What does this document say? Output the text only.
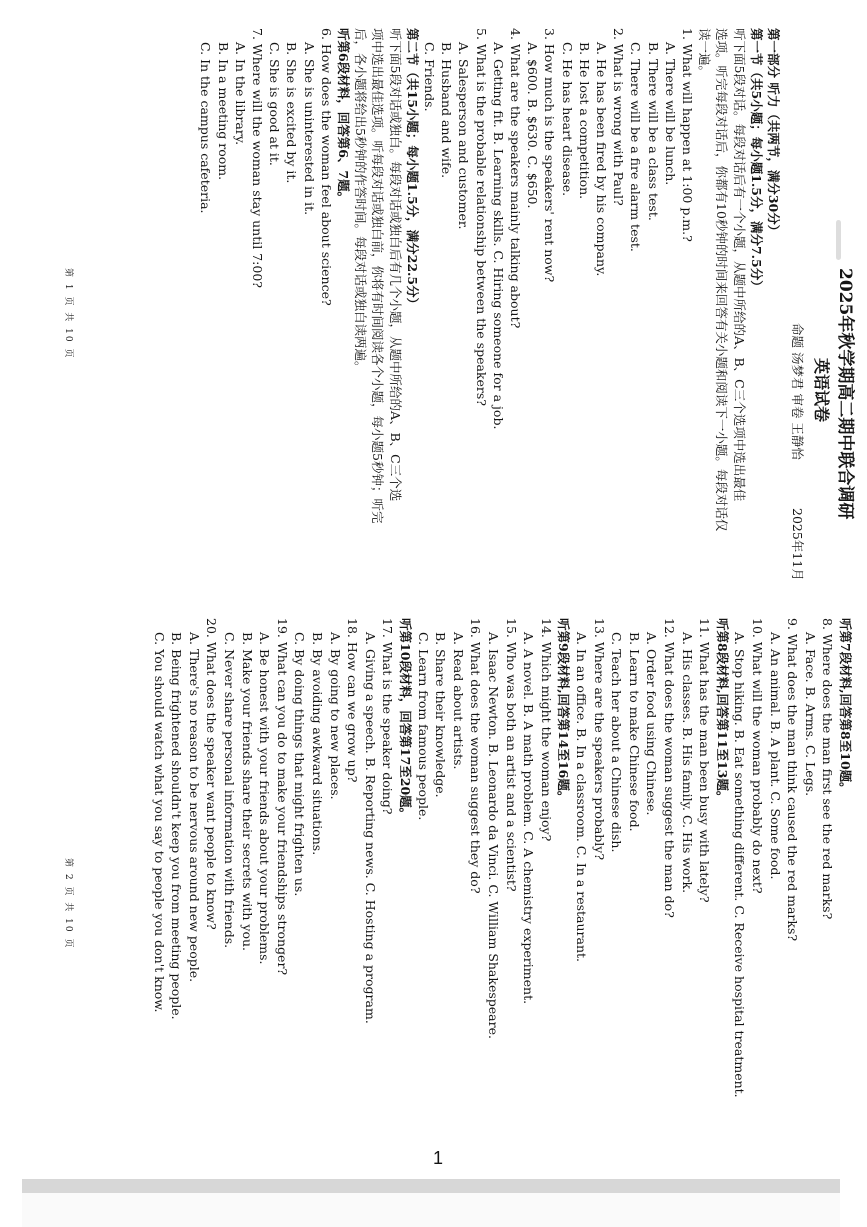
2025年秋学期高二期中联合调研
英语试卷
命题 汤梦君 审卷 王静怡
2025年11月
第一部分 听力（共两节，满分30分）
第一节（共5小题；每小题1.5分，满分7.5分）
听下面5段对话。每段对话后有一个小题，从题中所给的A、B、C三个选项中选出最佳
选项。听完每段对话后，你都有10秒钟的时间来回答有关小题和阅读下一小题。每段对话仅
读一遍。
1. What will happen at 1:00 p.m.?
A. There will be lunch.
B. There will be a class test.
C. There will be a fire alarm test.
2. What is wrong with Paul?
A. He has been fired by his company.
B. He lost a competition.
C. He has heart disease.
3. How much is the speakers' rent now?
A. $600. B. $630. C. $650.
4. What are the speakers mainly talking about?
A. Getting fit. B. Learning skills. C. Hiring someone for a job.
5. What is the probable relationship between the speakers?
A. Salesperson and customer.
B. Husband and wife.
C. Friends.
第二节（共15小题；每小题1.5分，满分22.5分）
听下面5段对话或独白。每段对话或独白后有几个小题，从题中所给的A、B、C三个选
项中选出最佳选项。听每段对话或独白前，你将有时间阅读各个小题，每小题5秒钟；听完
后，各小题将给出5秒钟的作答时间。每段对话或独白读两遍。
听第6段材料，回答第6、7题。
6. How does the woman feel about science?
A. She is uninterested in it.
B. She is excited by it.
C. She is good at it.
7. Where will the woman stay until 7:00?
A. In the library.
B. In a meeting room.
C. In the campus cafeteria.
第 1 页 共 10 页
听第7段材料,回答第8至10题。
8. Where does the man first see the red marks?
A. Face. B. Arms. C. Legs.
9. What does the man think caused the red marks?
A. An animal. B. A plant. C. Some food.
10. What will the woman probably do next?
A. Stop hiking. B. Eat something different. C. Receive hospital treatment.
听第8段材料,回答第11至13题。
11. What has the man been busy with lately?
A. His classes. B. His family. C. His work.
12. What does the woman suggest the man do?
A. Order food using Chinese.
B. Learn to make Chinese food.
C. Teach her about a Chinese dish.
13. Where are the speakers probably?
A. In an office. B. In a classroom. C. In a restaurant.
听第9段材料,回答第14至16题。
14. Which might the woman enjoy?
A. A novel. B. A math problem. C. A chemistry experiment.
15. Who was both an artist and a scientist?
A. Isaac Newton. B. Leonardo da Vinci. C. William Shakespeare.
16. What does the woman suggest they do?
A. Read about artists.
B. Share their knowledge.
C. Learn from famous people.
听第10段材料，回答第17至20题。
17. What is the speaker doing?
A. Giving a speech. B. Reporting news. C. Hosting a program.
18. How can we grow up?
A. By going to new places.
B. By avoiding awkward situations.
C. By doing things that might frighten us.
19. What can you do to make your friendships stronger?
A. Be honest with your friends about your problems.
B. Make your friends share their secrets with you.
C. Never share personal information with friends.
20. What does the speaker want people to know?
A. There's no reason to be nervous around new people.
B. Being frightened shouldn't keep you from meeting people.
C. You should watch what you say to people you don't know.
第 2 页 共 10 页
1
